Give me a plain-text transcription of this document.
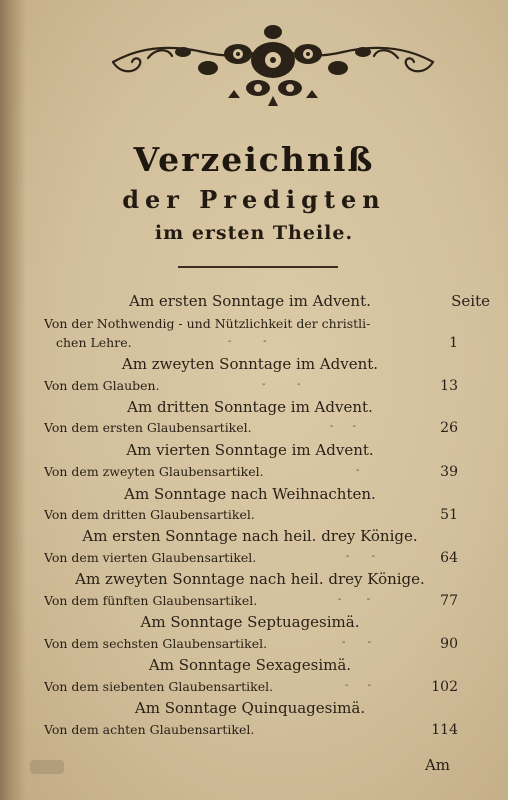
Verzeichniß
der Predigten
im ersten Theile.
Seite
Am ersten Sonntage im Advent.
Von der Nothwendig - und Nützlichkeit der christli-
chen Lehre.	1
Am zweyten Sonntage im Advent.
Von dem Glauben.	13
Am dritten Sonntage im Advent.
Von dem ersten Glaubensartikel.	26
Am vierten Sonntage im Advent.
Von dem zweyten Glaubensartikel.	39
Am Sonntage nach Weihnachten.
Von dem dritten Glaubensartikel.	51
Am ersten Sonntage nach heil. drey Könige.
Von dem vierten Glaubensartikel.	64
Am zweyten Sonntage nach heil. drey Könige.
Von dem fünften Glaubensartikel.	77
Am Sonntage Septuagesimä.
Von dem sechsten Glaubensartikel.	90
Am Sonntage Sexagesimä.
Von dem siebenten Glaubensartikel.	102
Am Sonntage Quinquagesimä.
Von dem achten Glaubensartikel.	114
-          -
-          -
-      -
-
-       -
-        -
-       -
-      -
Am
